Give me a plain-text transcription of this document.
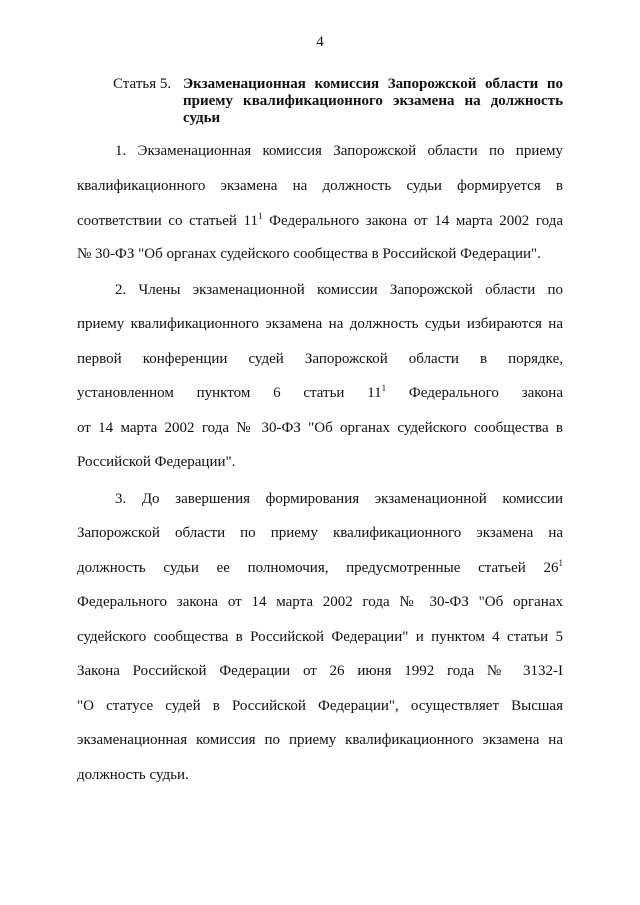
4
Статья 5. Экзаменационная комиссия Запорожской области по приему квалификационного экзамена на должность судьи
1. Экзаменационная комиссия Запорожской области по приему
квалификационного экзамена на должность судьи формируется в
соответствии со статьей $11^1$ Федерального закона от 14 марта 2002 года
№ 30-ФЗ "Об органах судейского сообщества в Российской Федерации".
2. Члены экзаменационной комиссии Запорожской области по
приему квалификационного экзамена на должность судьи избираются на
первой конференции судей Запорожской области в порядке,
установленном пунктом 6 статьи $11^1$ Федерального закона
от 14 марта 2002 года № 30-ФЗ "Об органах судейского сообщества в
Российской Федерации".
3. До завершения формирования экзаменационной комиссии
Запорожской области по приему квалификационного экзамена на
должность судьи ее полномочия, предусмотренные статьей $26^1$
Федерального закона от 14 марта 2002 года № 30-ФЗ "Об органах
судейского сообщества в Российской Федерации" и пунктом 4 статьи 5
Закона Российской Федерации от 26 июня 1992 года № 3132-I
"О статусе судей в Российской Федерации", осуществляет Высшая
экзаменационная комиссия по приему квалификационного экзамена на
должность судьи.
